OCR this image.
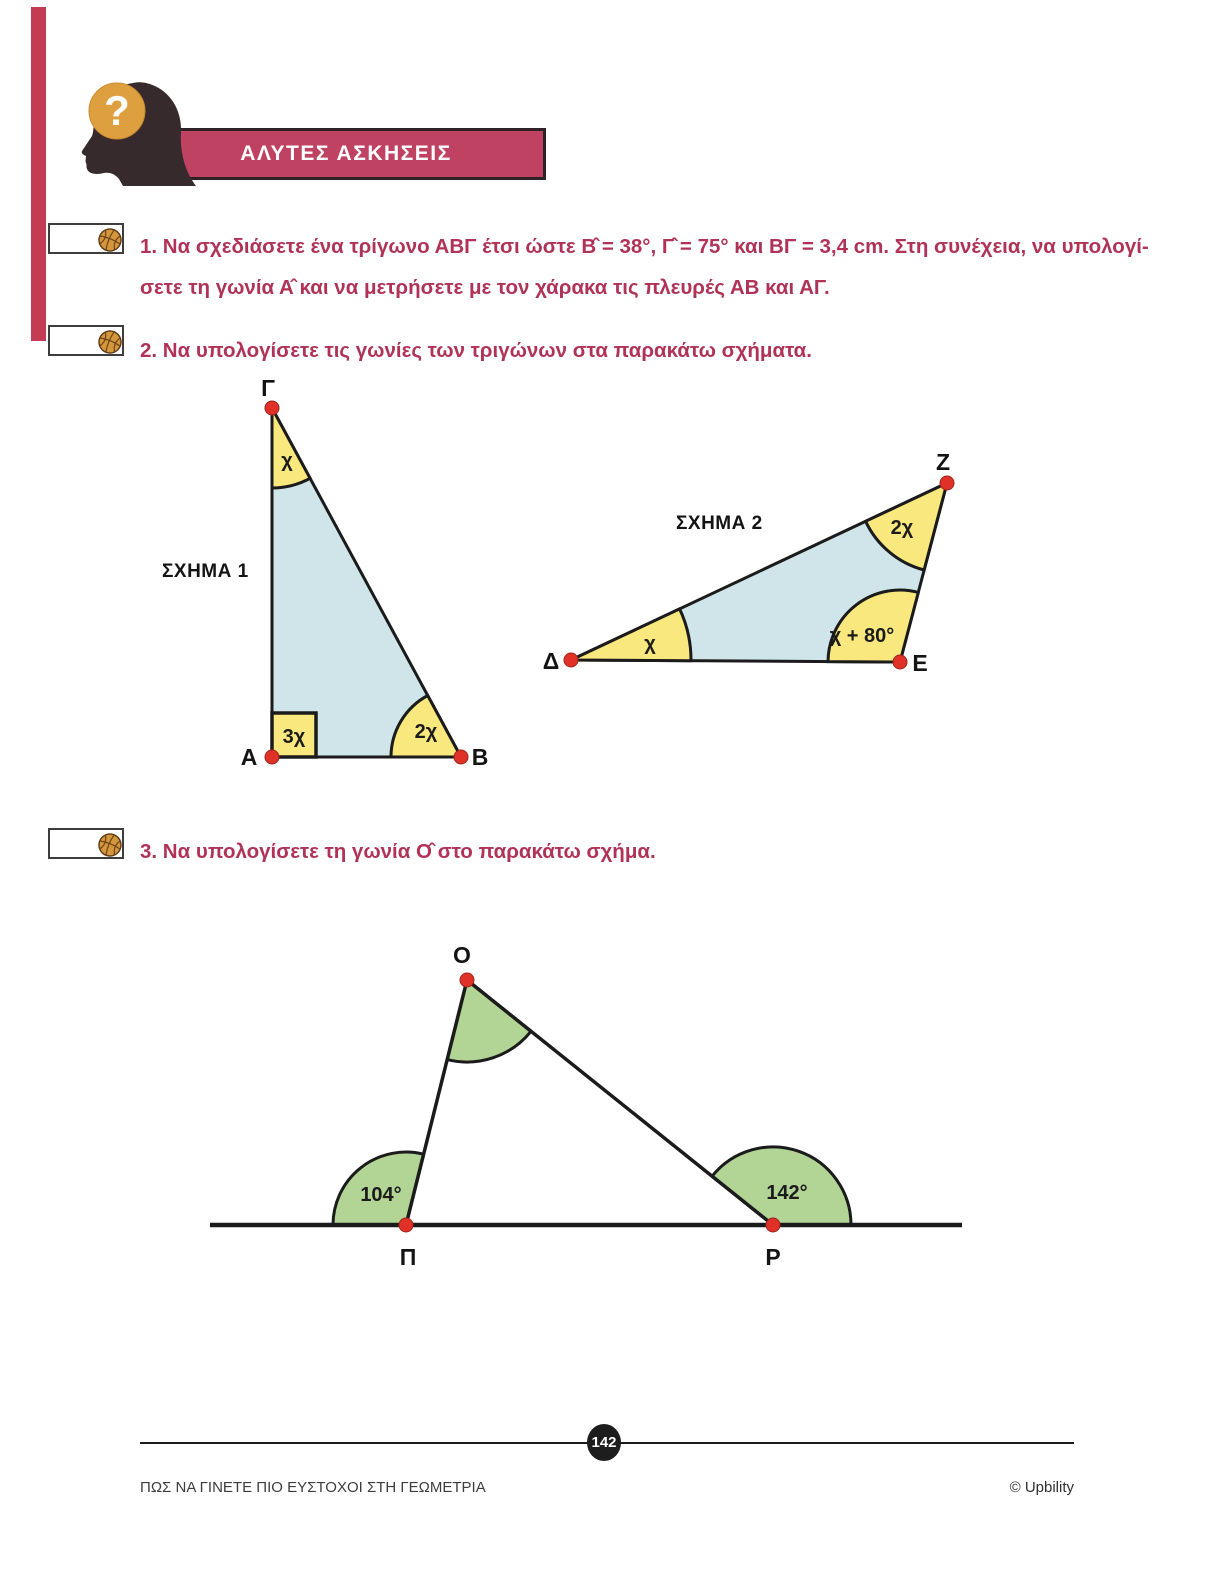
ΑΛΥΤΕΣ ΑΣΚΗΣΕΙΣ
?
1. Να σχεδιάσετε ένα τρίγωνο ΑΒΓ έτσι ώστε Β̂ = 38°, Γ̂ = 75° και ΒΓ = 3,4 cm. Στη συνέχεια, να υπολογί-
σετε τη γωνία Α̂ και να μετρήσετε με τον χάρακα τις πλευρές ΑΒ και ΑΓ.
2. Να υπολογίσετε τις γωνίες των τριγώνων στα παρακάτω σχήματα.
ΣΧΗΜΑ 1
Γ
Α	Β
χ
3χ	2χ
ΣΧΗΜΑ 2
Δ	Ε
Ζ
χ	χ + 80°
2χ
3. Να υπολογίσετε τη γωνία Ο̂ στο παρακάτω σχήμα.
Ο
Π	Ρ
104°	142°
142
ΠΩΣ ΝΑ ΓΙΝΕΤΕ ΠΙΟ ΕΥΣΤΟΧΟΙ ΣΤΗ ΓΕΩΜΕΤΡΙΑ	© Upbility
